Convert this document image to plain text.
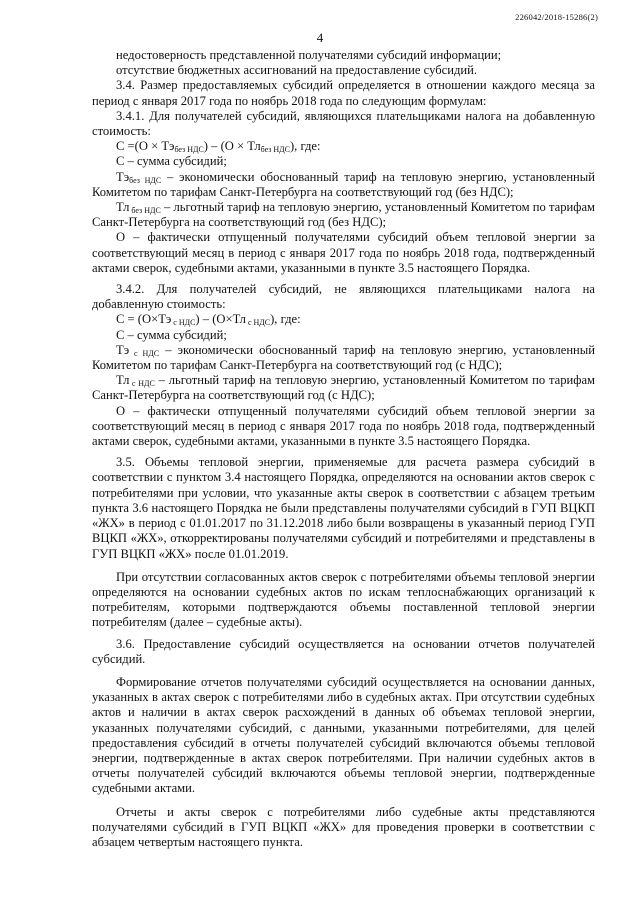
226042/2018-15286(2)
4

недостоверность представленной получателями субсидий информации;

отсутствие бюджетных ассигнований на предоставление субсидий.

3.4. Размер предоставляемых субсидий определяется в отношении каждого месяца за период с января 2017 года по ноябрь 2018 года по следующим формулам:

3.4.1. Для получателей субсидий, являющихся плательщиками налога на добавленную стоимость:

$С =(О \times Тэ_{без НДС}) - (О \times Тл_{без НДС})$, где:

С – сумма субсидий;

$Тэ_{без НДС}$ – экономически обоснованный тариф на тепловую энергию, установленный Комитетом по тарифам Санкт-Петербурга на соответствующий год (без НДС);

Тл $_{без НДС}$ – льготный тариф на тепловую энергию, установленный Комитетом по тарифам Санкт-Петербурга на соответствующий год (без НДС);

О – фактически отпущенный получателями субсидий объем тепловой энергии за соответствующий месяц в период с января 2017 года по ноябрь 2018 года, подтвержденный актами сверок, судебными актами, указанными в пункте 3.5 настоящего Порядка.

3.4.2. Для получателей субсидий, не являющихся плательщиками налога на добавленную стоимость:

С = (О×Тэ $_{с НДС}$) – (О×Тл $_{с НДС}$), где:

С – сумма субсидий;

Тэ $_{с НДС}$ – экономически обоснованный тариф на тепловую энергию, установленный Комитетом по тарифам Санкт-Петербурга на соответствующий год (с НДС);

Тл $_{с НДС}$ – льготный тариф на тепловую энергию, установленный Комитетом по тарифам Санкт-Петербурга на соответствующий год (с НДС);

О – фактически отпущенный получателями субсидий объем тепловой энергии за соответствующий месяц в период с января 2017 года по ноябрь 2018 года, подтвержденный актами сверок, судебными актами, указанными в пункте 3.5 настоящего Порядка.

3.5. Объемы тепловой энергии, применяемые для расчета размера субсидий в соответствии с пунктом 3.4 настоящего Порядка, определяются на основании актов сверок с потребителями при условии, что указанные акты сверок в соответствии с абзацем третьим пункта 3.6 настоящего Порядка не были представлены получателями субсидий в ГУП ВЦКП «ЖХ» в период с 01.01.2017 по 31.12.2018 либо были возвращены в указанный период ГУП ВЦКП «ЖХ», откорректированы получателями субсидий и потребителями и представлены в ГУП ВЦКП «ЖХ» после 01.01.2019.

При отсутствии согласованных актов сверок с потребителями объемы тепловой энергии определяются на основании судебных актов по искам теплоснабжающих организаций к потребителям, которыми подтверждаются объемы поставленной тепловой энергии потребителям (далее – судебные акты).

3.6. Предоставление субсидий осуществляется на основании отчетов получателей субсидий.

Формирование отчетов получателями субсидий осуществляется на основании данных, указанных в актах сверок с потребителями либо в судебных актах. При отсутствии судебных актов и наличии в актах сверок расхождений в данных об объемах тепловой энергии, указанных получателями субсидий, с данными, указанными потребителями, для целей предоставления субсидий в отчеты получателей субсидий включаются объемы тепловой энергии, подтвержденные в актах сверок потребителями. При наличии судебных актов в отчеты получателей субсидий включаются объемы тепловой энергии, подтвержденные судебными актами.

Отчеты и акты сверок с потребителями либо судебные акты представляются получателями субсидий в ГУП ВЦКП «ЖХ» для проведения проверки в соответствии с абзацем четвертым настоящего пункта.
